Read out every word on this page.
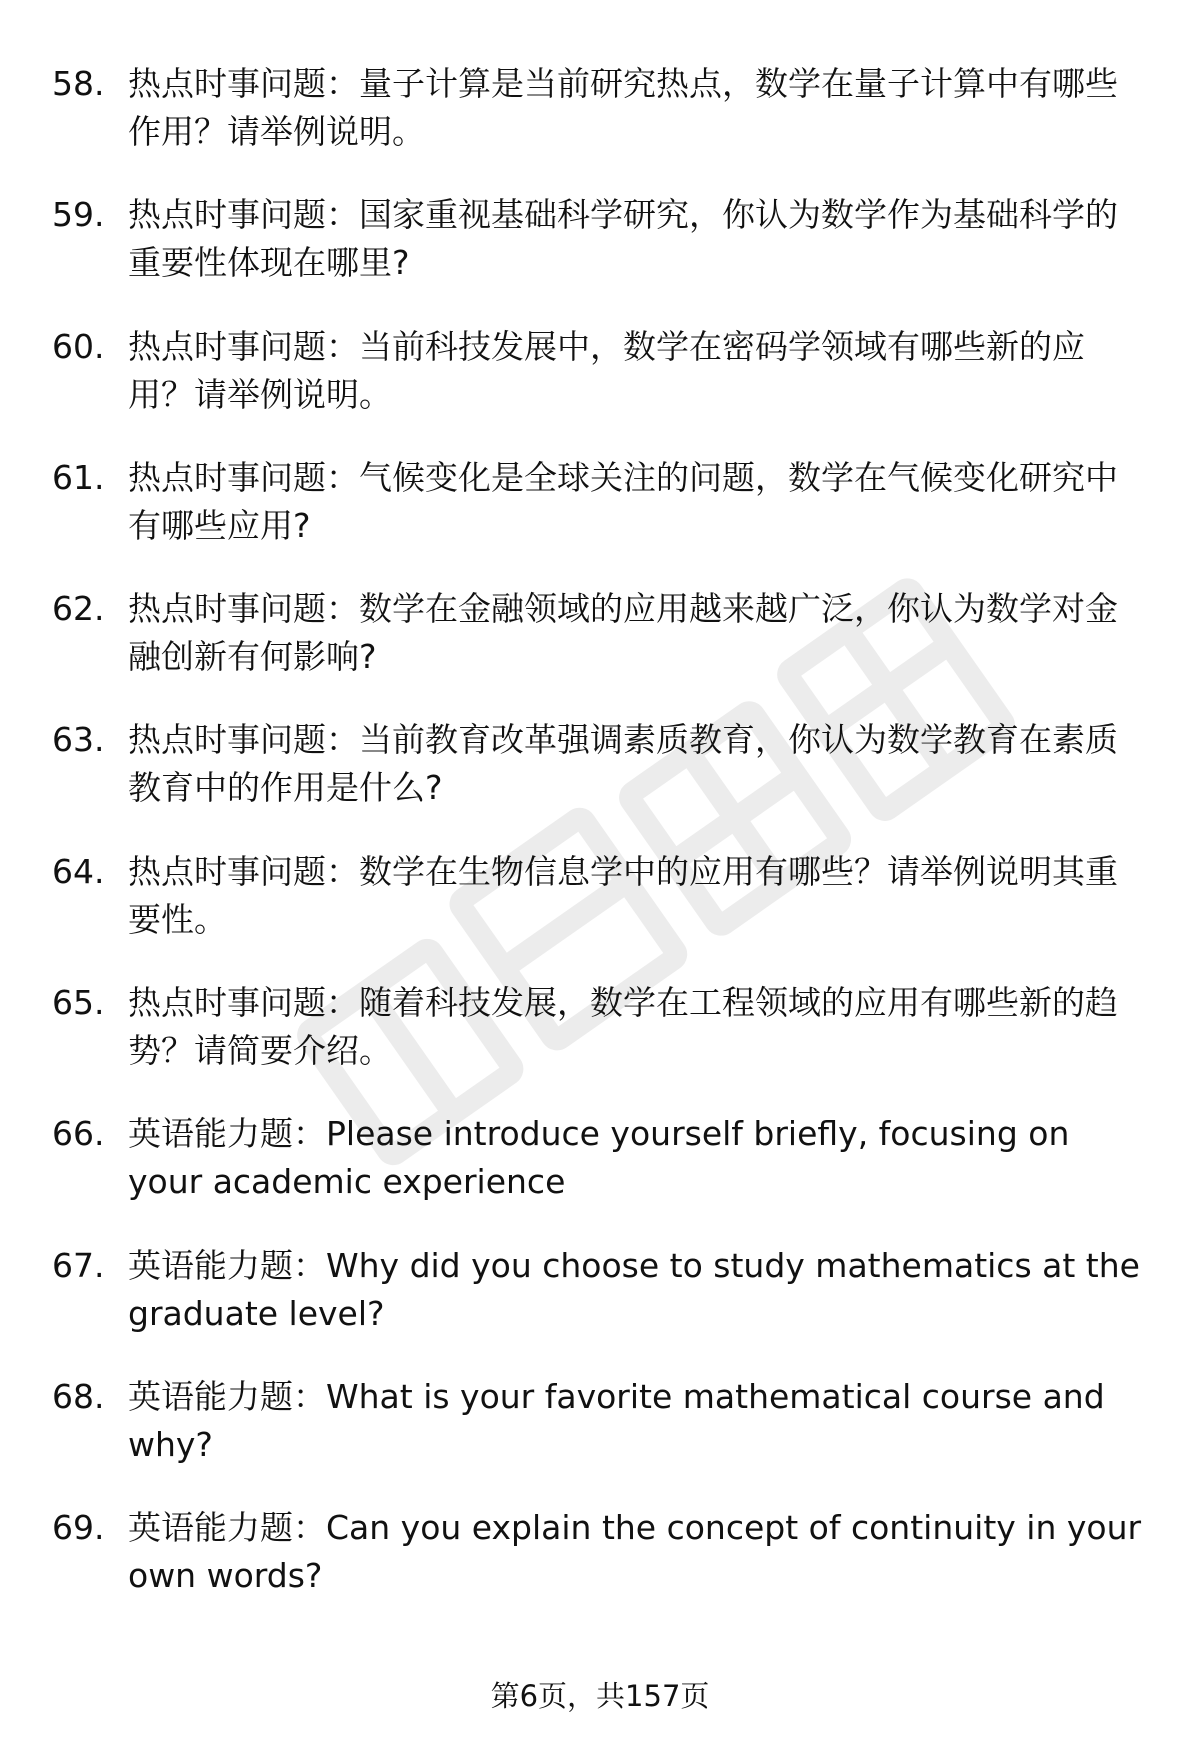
58. 热点时事问题：量子计算是当前研究热点，数学在量子计算中有哪些作用？请举例说明。
59. 热点时事问题：国家重视基础科学研究，你认为数学作为基础科学的重要性体现在哪里?
60. 热点时事问题：当前科技发展中，数学在密码学领域有哪些新的应用？请举例说明。
61. 热点时事问题：气候变化是全球关注的问题，数学在气候变化研究中有哪些应用?
62. 热点时事问题：数学在金融领域的应用越来越广泛，你认为数学对金融创新有何影响?
63. 热点时事问题：当前教育改革强调素质教育，你认为数学教育在素质教育中的作用是什么?
64. 热点时事问题：数学在生物信息学中的应用有哪些？请举例说明其重要性。
65. 热点时事问题：随着科技发展，数学在工程领域的应用有哪些新的趋势？请简要介绍。
66. 英语能力题：Please introduce yourself briefly, focusing on your academic experience
67. 英语能力题：Why did you choose to study mathematics at the graduate level?
68. 英语能力题：What is your favorite mathematical course and why?
69. 英语能力题：Can you explain the concept of continuity in your own words?
第6页，共157页
